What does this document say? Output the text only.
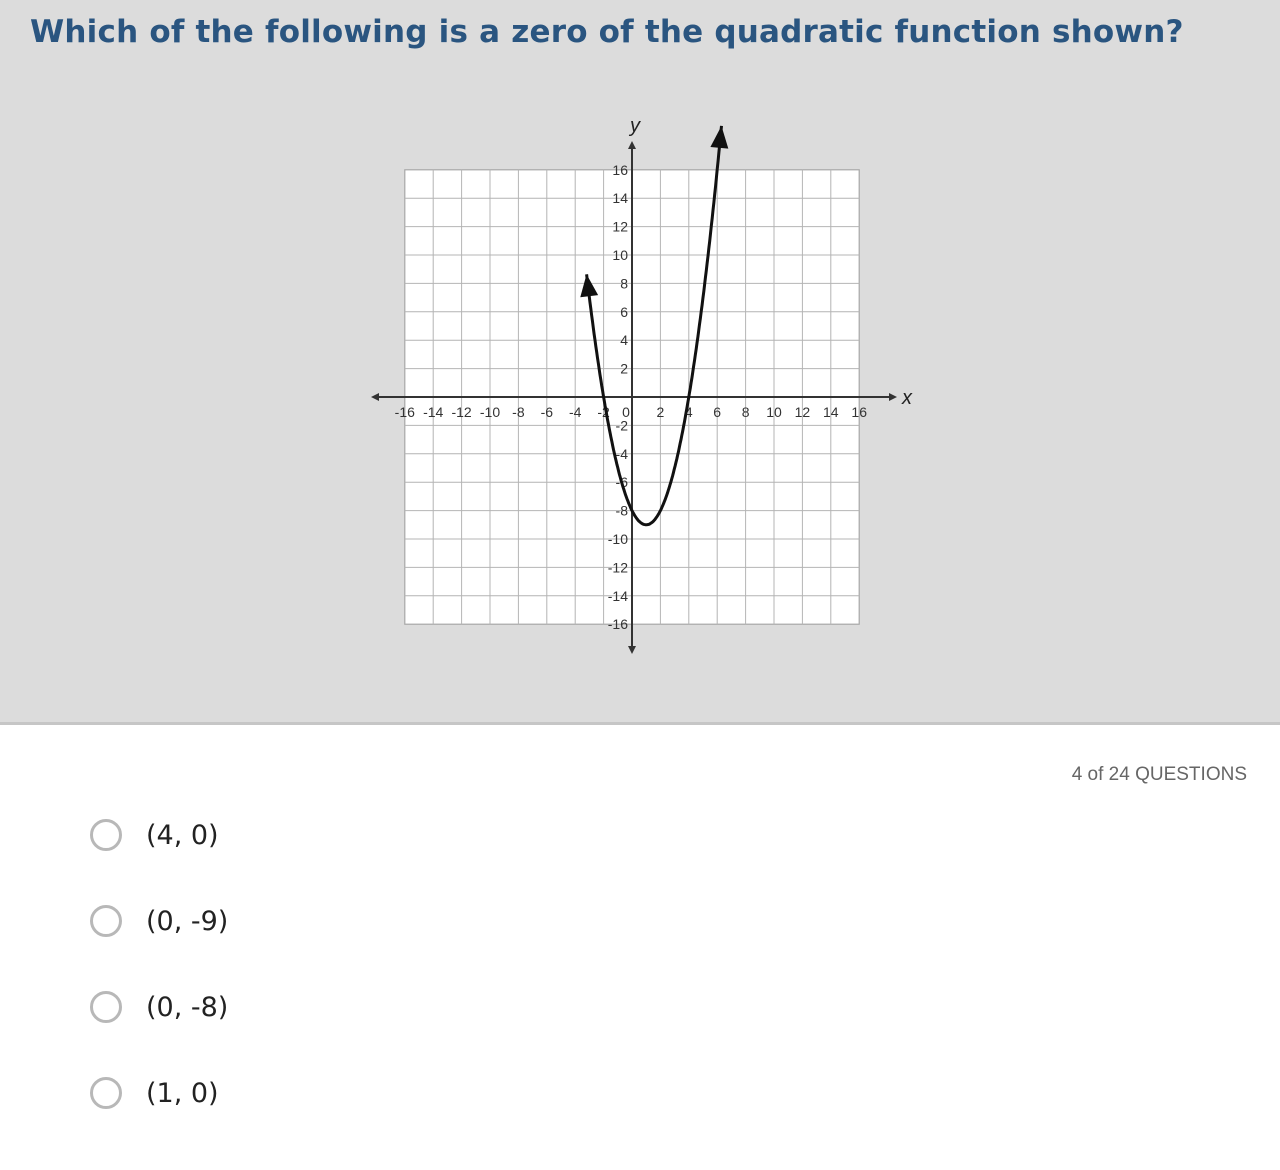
Which of the following is a zero of the quadratic function shown?
x
y
-16 -14 -12 -10 -8 -6 -4 -2 0 2 4 6 8 10 12 14 16
16
14
12
10
8
6
4
2
-2
-4
-6
-8
-10
-12
-14
-16
4 of 24 QUESTIONS
(4, 0)
(0, -9)
(0, -8)
(1, 0)
